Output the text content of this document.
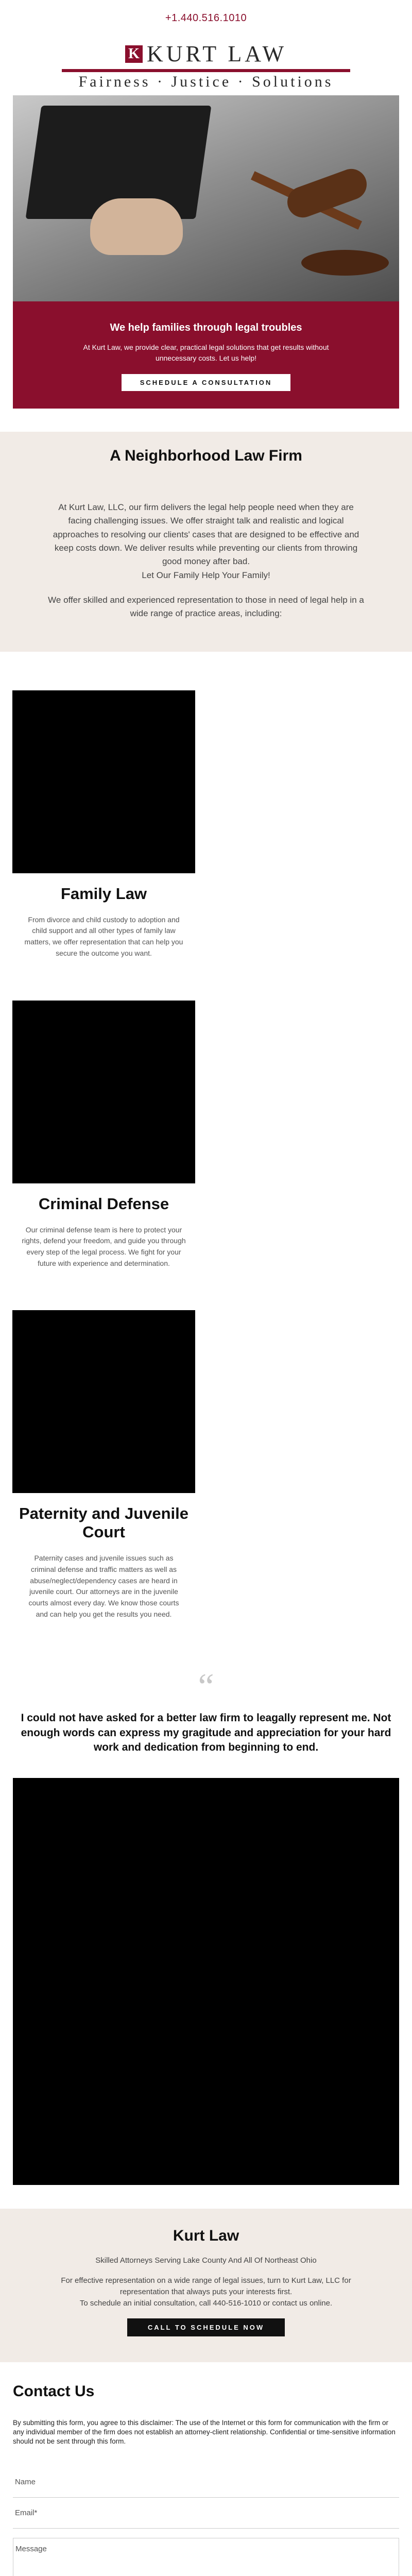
+1.440.516.1010
K KURT LAW
Fairness · Justice · Solutions
We help families through legal troubles
At Kurt Law, we provide clear, practical legal solutions that get results without unnecessary costs. Let us help!
SCHEDULE A CONSULTATION
A Neighborhood Law Firm

At Kurt Law, LLC, our firm delivers the legal help people need when they are facing challenging issues. We offer straight talk and realistic and logical approaches to resolving our clients' cases that are designed to be effective and keep costs down. We deliver results while preventing our clients from throwing good money after bad.
Let Our Family Help Your Family!

We offer skilled and experienced representation to those in need of legal help in a wide range of practice areas, including:

Family Law

From divorce and child custody to adoption and child support and all other types of family law matters, we offer representation that can help you secure the outcome you want.

Criminal Defense

Our criminal defense team is here to protect your rights, defend your freedom, and guide you through every step of the legal process. We fight for your future with experience and determination.

Paternity and Juvenile Court

Paternity cases and juvenile issues such as criminal defense and traffic matters as well as abuse/neglect/dependency cases are heard in juvenile court. Our attorneys are in the juvenile courts almost every day. We know those courts and can help you get the results you need.

“
I could not have asked for a better law firm to leagally represent me. Not enough words can express my gragitude and appreciation for your hard work and dedication from beginning to end.
Kurt Law
Skilled Attorneys Serving Lake County And All Of Northeast Ohio

For effective representation on a wide range of legal issues, turn to Kurt Law, LLC for representation that always puts your interests first.

To schedule an initial consultation, call 440-516-1010 or contact us online.

CALL TO SCHEDULE NOW
Contact Us
By submitting this form, you agree to this disclaimer: The use of the Internet or this form for communication with the firm or any individual member of the firm does not establish an attorney-client relationship. Confidential or time-sensitive information should not be sent through this form.
Name
Email*
Message
